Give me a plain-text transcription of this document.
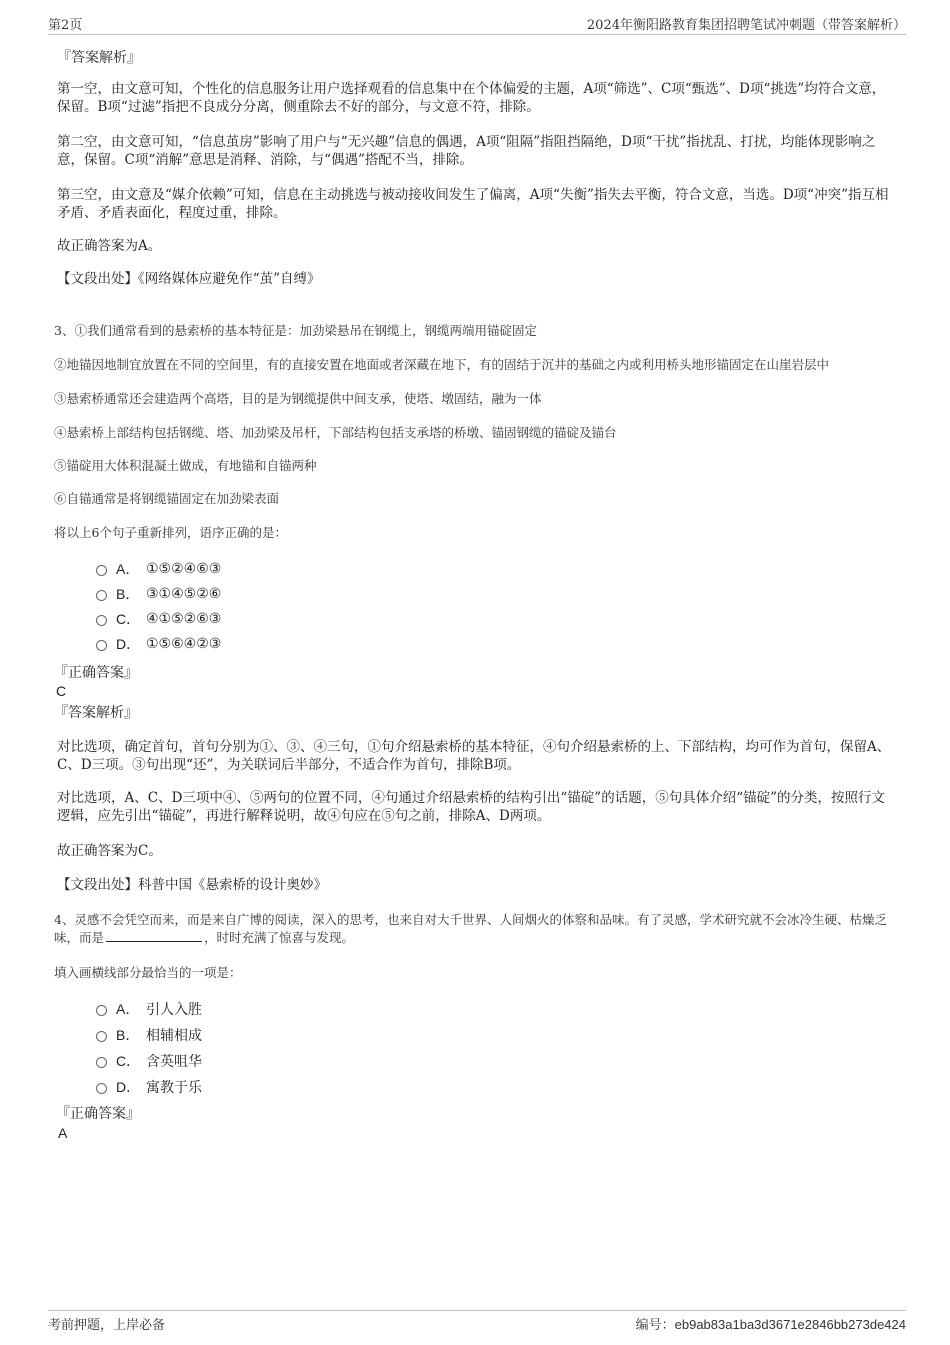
第2页	2024年衡阳路教育集团招聘笔试冲刺题（带答案解析）
『答案解析』
第一空，由文意可知，个性化的信息服务让用户选择观看的信息集中在个体偏爱的主题，A项“筛选”、C项“甄选”、D项“挑选”均符合文意，保留。B项“过滤”指把不良成分分离，侧重除去不好的部分，与文意不符，排除。
第二空，由文意可知，“信息茧房”影响了用户与“无兴趣”信息的偶遇，A项“阻隔”指阻挡隔绝，D项“干扰”指扰乱、打扰，均能体现影响之意，保留。C项“消解”意思是消释、消除，与“偶遇”搭配不当，排除。
第三空，由文意及“媒介依赖”可知，信息在主动挑选与被动接收间发生了偏离，A项“失衡”指失去平衡，符合文意，当选。D项“冲突”指互相矛盾、矛盾表面化，程度过重，排除。
故正确答案为A。
【文段出处】《网络媒体应避免作“茧”自缚》
3、①我们通常看到的悬索桥的基本特征是：加劲梁悬吊在钢缆上，钢缆两端用锚碇固定
②地锚因地制宜放置在不同的空间里，有的直接安置在地面或者深藏在地下，有的固结于沉井的基础之内或利用桥头地形锚固定在山崖岩层中
③悬索桥通常还会建造两个高塔，目的是为钢缆提供中间支承，使塔、墩固结，融为一体
④悬索桥上部结构包括钢缆、塔、加劲梁及吊杆，下部结构包括支承塔的桥墩、锚固钢缆的锚碇及锚台
⑤锚碇用大体积混凝土做成，有地锚和自锚两种
⑥自锚通常是将钢缆锚固定在加劲梁表面
将以上6个句子重新排列，语序正确的是：
A． ①⑤②④⑥③
B． ③①④⑤②⑥
C． ④①⑤②⑥③
D． ①⑤⑥④②③
『正确答案』
C
『答案解析』
对比选项，确定首句，首句分别为①、③、④三句，①句介绍悬索桥的基本特征，④句介绍悬索桥的上、下部结构，均可作为首句，保留A、C、D三项。③句出现“还”，为关联词后半部分，不适合作为首句，排除B项。
对比选项，A、C、D三项中④、⑤两句的位置不同，④句通过介绍悬索桥的结构引出“锚碇”的话题，⑤句具体介绍“锚碇”的分类，按照行文逻辑，应先引出“锚碇”，再进行解释说明，故④句应在⑤句之前，排除A、D两项。
故正确答案为C。
【文段出处】科普中国《悬索桥的设计奥妙》
4、灵感不会凭空而来，而是来自广博的阅读，深入的思考，也来自对大千世界、人间烟火的体察和品味。有了灵感，学术研究就不会冰冷生硬、枯燥乏味，而是	，时时充满了惊喜与发现。
填入画横线部分最恰当的一项是：
A． 引人入胜
B． 相辅相成
C． 含英咀华
D． 寓教于乐
『正确答案』
A
考前押题，上岸必备	编号：eb9ab83a1ba3d3671e2846bb273de424
